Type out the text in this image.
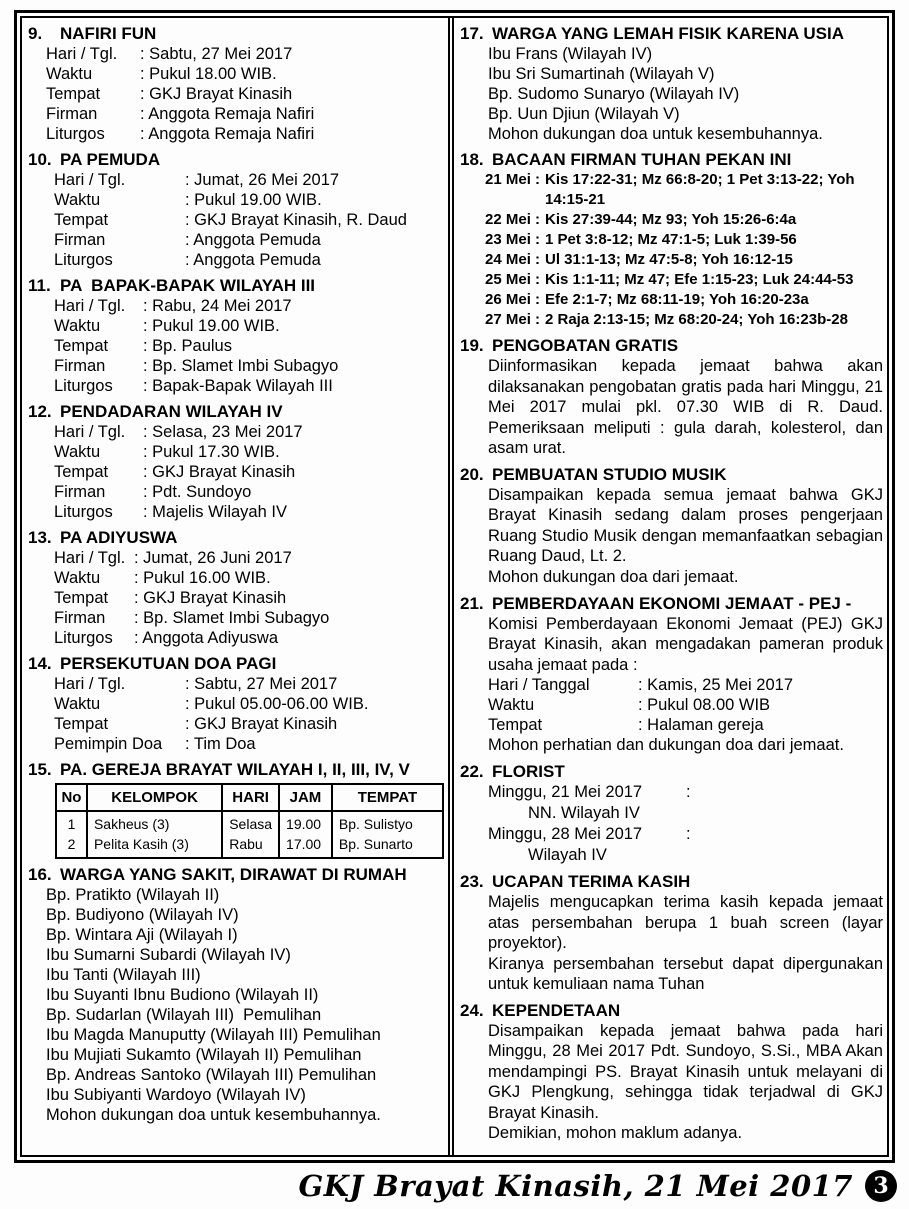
9.	NAFIRI FUN
Hari / Tgl.	: Sabtu, 27 Mei 2017
Waktu	: Pukul 18.00 WIB.
Tempat	: GKJ Brayat Kinasih
Firman	: Anggota Remaja Nafiri
Liturgos	: Anggota Remaja Nafiri
10. PA PEMUDA
Hari / Tgl.	: Jumat, 26 Mei 2017
Waktu	: Pukul 19.00 WIB.
Tempat	: GKJ Brayat Kinasih, R. Daud
Firman	: Anggota Pemuda
Liturgos	: Anggota Pemuda
11. PA  BAPAK-BAPAK WILAYAH III
Hari / Tgl.	: Rabu, 24 Mei 2017
Waktu	: Pukul 19.00 WIB.
Tempat	: Bp. Paulus
Firman	: Bp. Slamet Imbi Subagyo
Liturgos	: Bapak-Bapak Wilayah III
12. PENDADARAN WILAYAH IV
Hari / Tgl.	: Selasa, 23 Mei 2017
Waktu	: Pukul 17.30 WIB.
Tempat	: GKJ Brayat Kinasih
Firman	: Pdt. Sundoyo
Liturgos	: Majelis Wilayah IV
13. PA ADIYUSWA
Hari / Tgl. : Jumat, 26 Juni 2017
Waktu	: Pukul 16.00 WIB.
Tempat	: GKJ Brayat Kinasih
Firman	: Bp. Slamet Imbi Subagyo
Liturgos	: Anggota Adiyuswa
14. PERSEKUTUAN DOA PAGI
Hari / Tgl.	: Sabtu, 27 Mei 2017
Waktu	: Pukul 05.00-06.00 WIB.
Tempat	: GKJ Brayat Kinasih
Pemimpin Doa	: Tim Doa
15. PA. GEREJA BRAYAT WILAYAH I, II, III, IV, V
No	KELOMPOK	HARI	JAM	TEMPAT
1	Sakheus (3)	Selasa	19.00	Bp. Sulistyo
2	Pelita Kasih (3)	Rabu	17.00	Bp. Sunarto
16. WARGA YANG SAKIT, DIRAWAT DI RUMAH
Bp. Pratikto (Wilayah II)
Bp. Budiyono (Wilayah IV)
Bp. Wintara Aji (Wilayah I)
Ibu Sumarni Subardi (Wilayah IV)
Ibu Tanti (Wilayah III)
Ibu Suyanti Ibnu Budiono (Wilayah II)
Bp. Sudarlan (Wilayah III)  Pemulihan
Ibu Magda Manuputty (Wilayah III) Pemulihan
Ibu Mujiati Sukamto (Wilayah II) Pemulihan
Bp. Andreas Santoko (Wilayah III) Pemulihan
Ibu Subiyanti Wardoyo (Wilayah IV)
Mohon dukungan doa untuk kesembuhannya.
17. WARGA YANG LEMAH FISIK KARENA USIA
Ibu Frans (Wilayah IV)
Ibu Sri Sumartinah (Wilayah V)
Bp. Sudomo Sunaryo (Wilayah IV)
Bp. Uun Djiun (Wilayah V)
Mohon dukungan doa untuk kesembuhannya.
18. BACAAN FIRMAN TUHAN PEKAN INI
21 Mei : Kis 17:22-31; Mz 66:8-20; 1 Pet 3:13-22; Yoh 14:15-21
22 Mei : Kis 27:39-44; Mz 93; Yoh 15:26-6:4a
23 Mei : 1 Pet 3:8-12; Mz 47:1-5; Luk 1:39-56
24 Mei : Ul 31:1-13; Mz 47:5-8; Yoh 16:12-15
25 Mei : Kis 1:1-11; Mz 47; Efe 1:15-23; Luk 24:44-53
26 Mei : Efe 2:1-7; Mz 68:11-19; Yoh 16:20-23a
27 Mei : 2 Raja 2:13-15; Mz 68:20-24; Yoh 16:23b-28
19. PENGOBATAN GRATIS
Diinformasikan kepada jemaat bahwa akan dilaksanakan pengobatan gratis pada hari Minggu, 21 Mei 2017 mulai pkl. 07.30 WIB di R. Daud. Pemeriksaan meliputi : gula darah, kolesterol, dan asam urat.
20. PEMBUATAN STUDIO MUSIK
Disampaikan kepada semua jemaat bahwa GKJ Brayat Kinasih sedang dalam proses pengerjaan Ruang Studio Musik dengan memanfaatkan sebagian Ruang Daud, Lt. 2.
Mohon dukungan doa dari jemaat.
21. PEMBERDAYAAN EKONOMI JEMAAT - PEJ -
Komisi Pemberdayaan Ekonomi Jemaat (PEJ) GKJ Brayat Kinasih, akan mengadakan pameran produk usaha jemaat pada :
Hari / Tanggal	: Kamis, 25 Mei 2017
Waktu	: Pukul 08.00 WIB
Tempat	: Halaman gereja
Mohon perhatian dan dukungan doa dari jemaat.
22. FLORIST
Minggu, 21 Mei 2017	:
NN. Wilayah IV
Minggu, 28 Mei 2017	:
Wilayah IV
23. UCAPAN TERIMA KASIH
Majelis mengucapkan terima kasih kepada jemaat atas persembahan berupa 1 buah screen (layar proyektor).
Kiranya persembahan tersebut dapat dipergunakan untuk kemuliaan nama Tuhan
24. KEPENDETAAN
Disampaikan kepada jemaat bahwa pada hari Minggu, 28 Mei 2017 Pdt. Sundoyo, S.Si., MBA Akan mendampingi PS. Brayat Kinasih untuk melayani di GKJ Plengkung, sehingga tidak terjadwal di GKJ Brayat Kinasih.
Demikian, mohon maklum adanya.
GKJ Brayat Kinasih, 21 Mei 2017 3
